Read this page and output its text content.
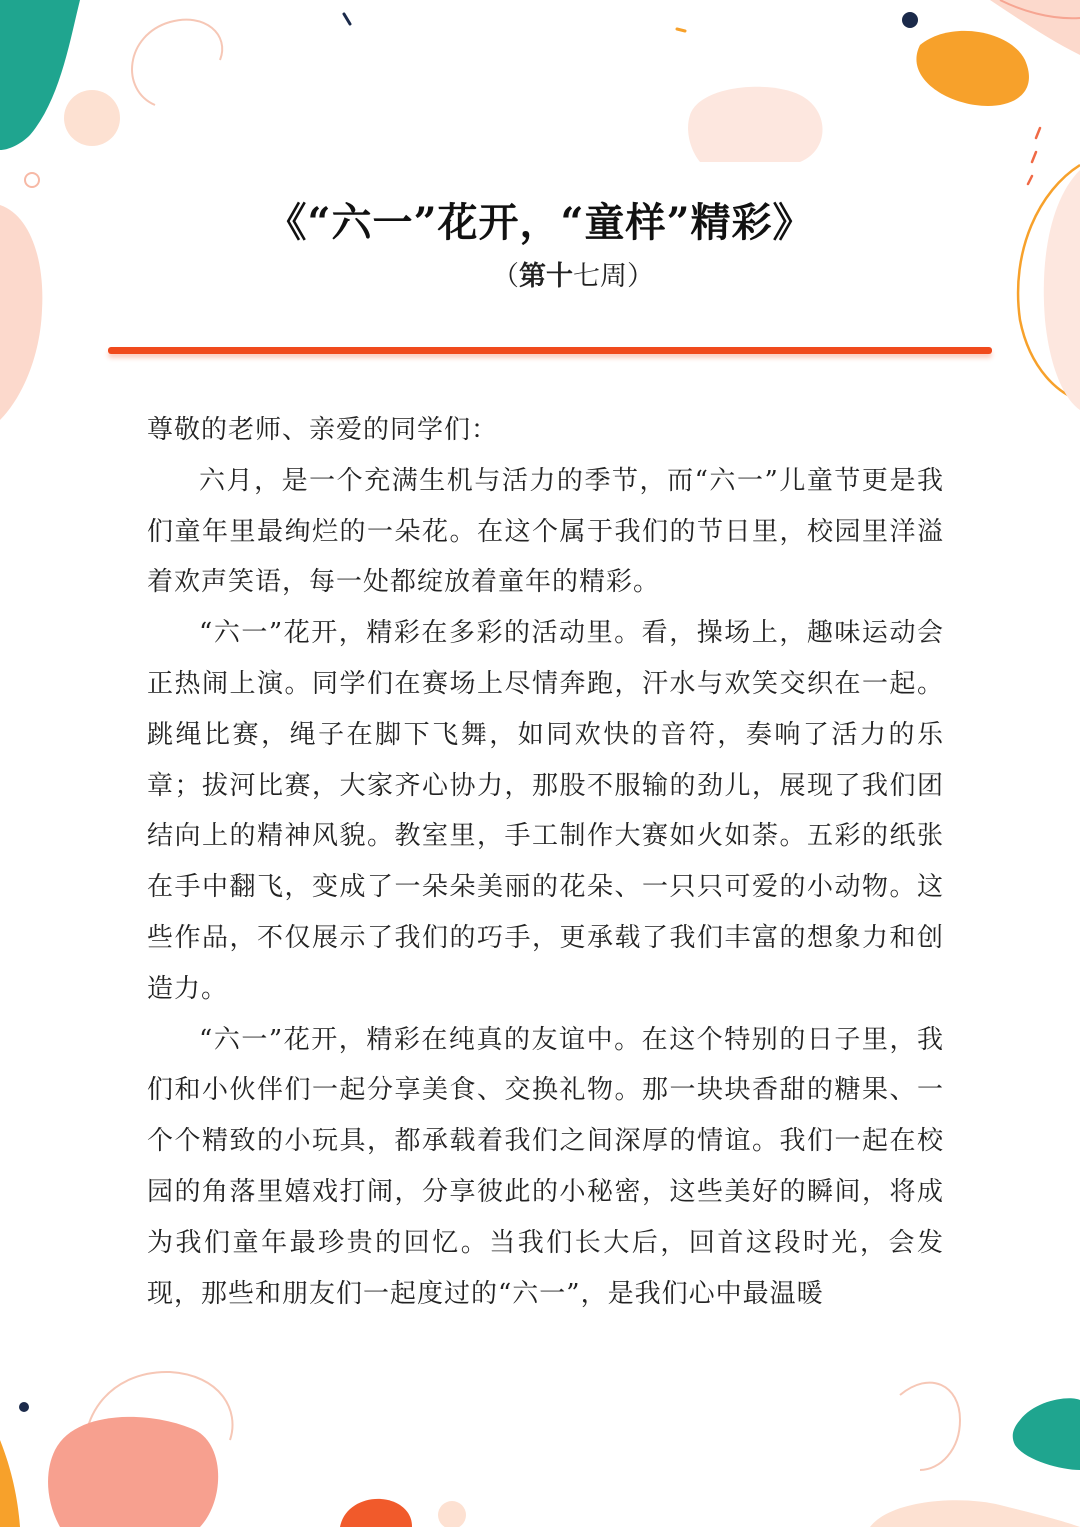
《“六一”花开，“童样”精彩》
（第十七周）

尊敬的老师、亲爱的同学们：

六月，是一个充满生机与活力的季节，而“六一”儿童节更是我们童年里最绚烂的一朵花。在这个属于我们的节日里，校园里洋溢着欢声笑语，每一处都绽放着童年的精彩。

“六一”花开，精彩在多彩的活动里。看，操场上，趣味运动会正热闹上演。同学们在赛场上尽情奔跑，汗水与欢笑交织在一起。跳绳比赛，绳子在脚下飞舞，如同欢快的音符，奏响了活力的乐章；拔河比赛，大家齐心协力，那股不服输的劲儿，展现了我们团结向上的精神风貌。教室里，手工制作大赛如火如荼。五彩的纸张在手中翻飞，变成了一朵朵美丽的花朵、一只只可爱的小动物。这些作品，不仅展示了我们的巧手，更承载了我们丰富的想象力和创造力。

“六一”花开，精彩在纯真的友谊中。在这个特别的日子里，我们和小伙伴们一起分享美食、交换礼物。那一块块香甜的糖果、一个个精致的小玩具，都承载着我们之间深厚的情谊。我们一起在校园的角落里嬉戏打闹，分享彼此的小秘密，这些美好的瞬间，将成为我们童年最珍贵的回忆。当我们长大后，回首这段时光，会发现，那些和朋友们一起度过的“六一”，是我们心中最温暖
